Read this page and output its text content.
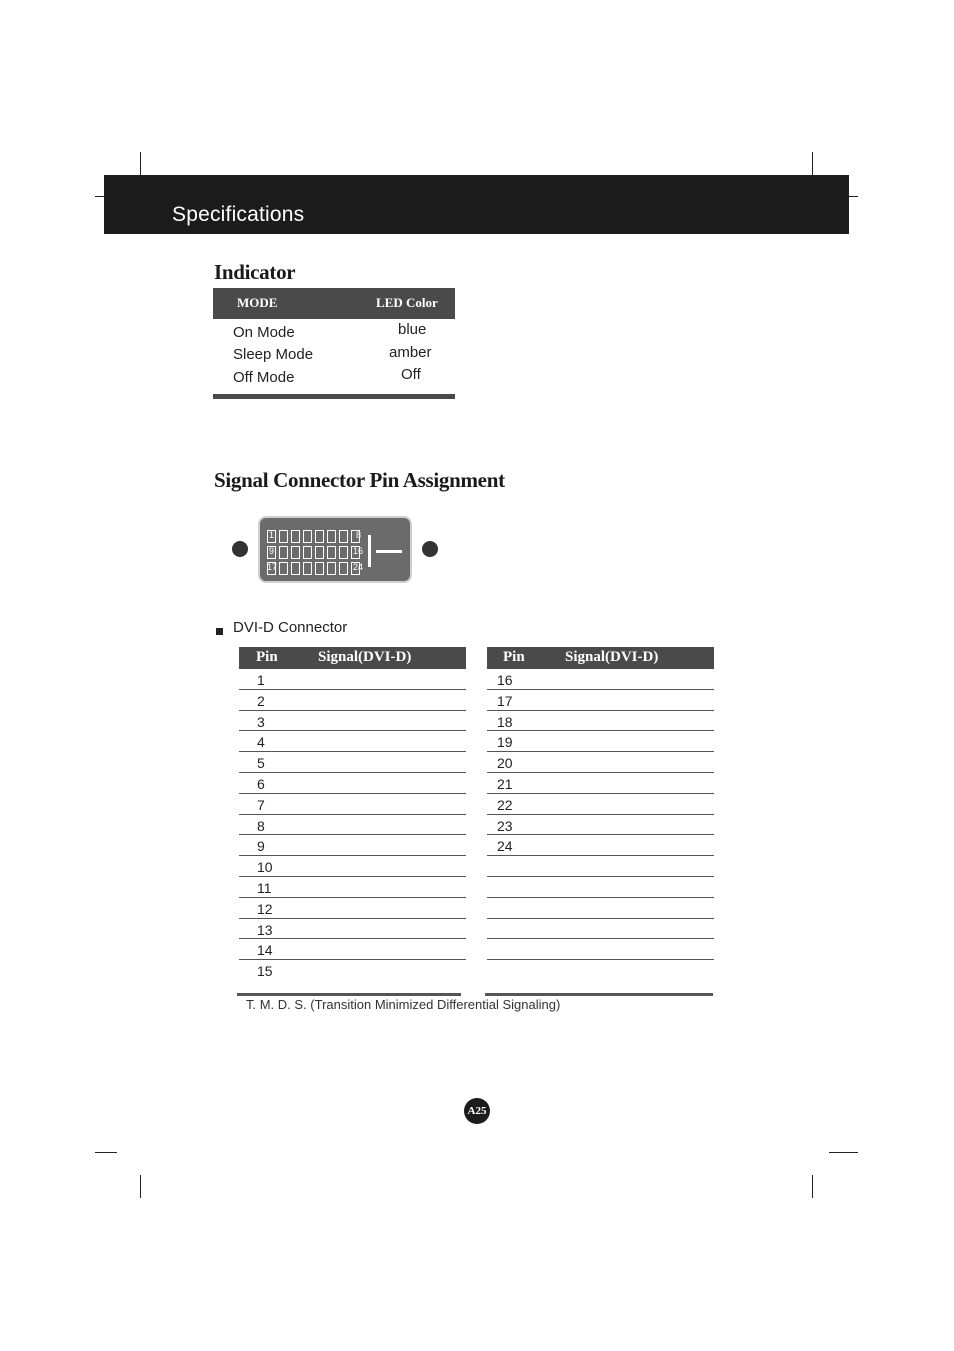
Specifications
Indicator
MODE	LED Color
On Mode	blue
Sleep Mode	amber
Off Mode	Off
Signal Connector Pin Assignment
1	8
9	16
17	24
DVI-D Connector
Pin	Signal(DVI-D)
1
2
3
4
5
6
7
8
9
10
11
12
13
14
15
Pin	Signal(DVI-D)
16
17
18
19
20
21
22
23
24
T. M. D. S. (Transition Minimized Differential Signaling)
A25
